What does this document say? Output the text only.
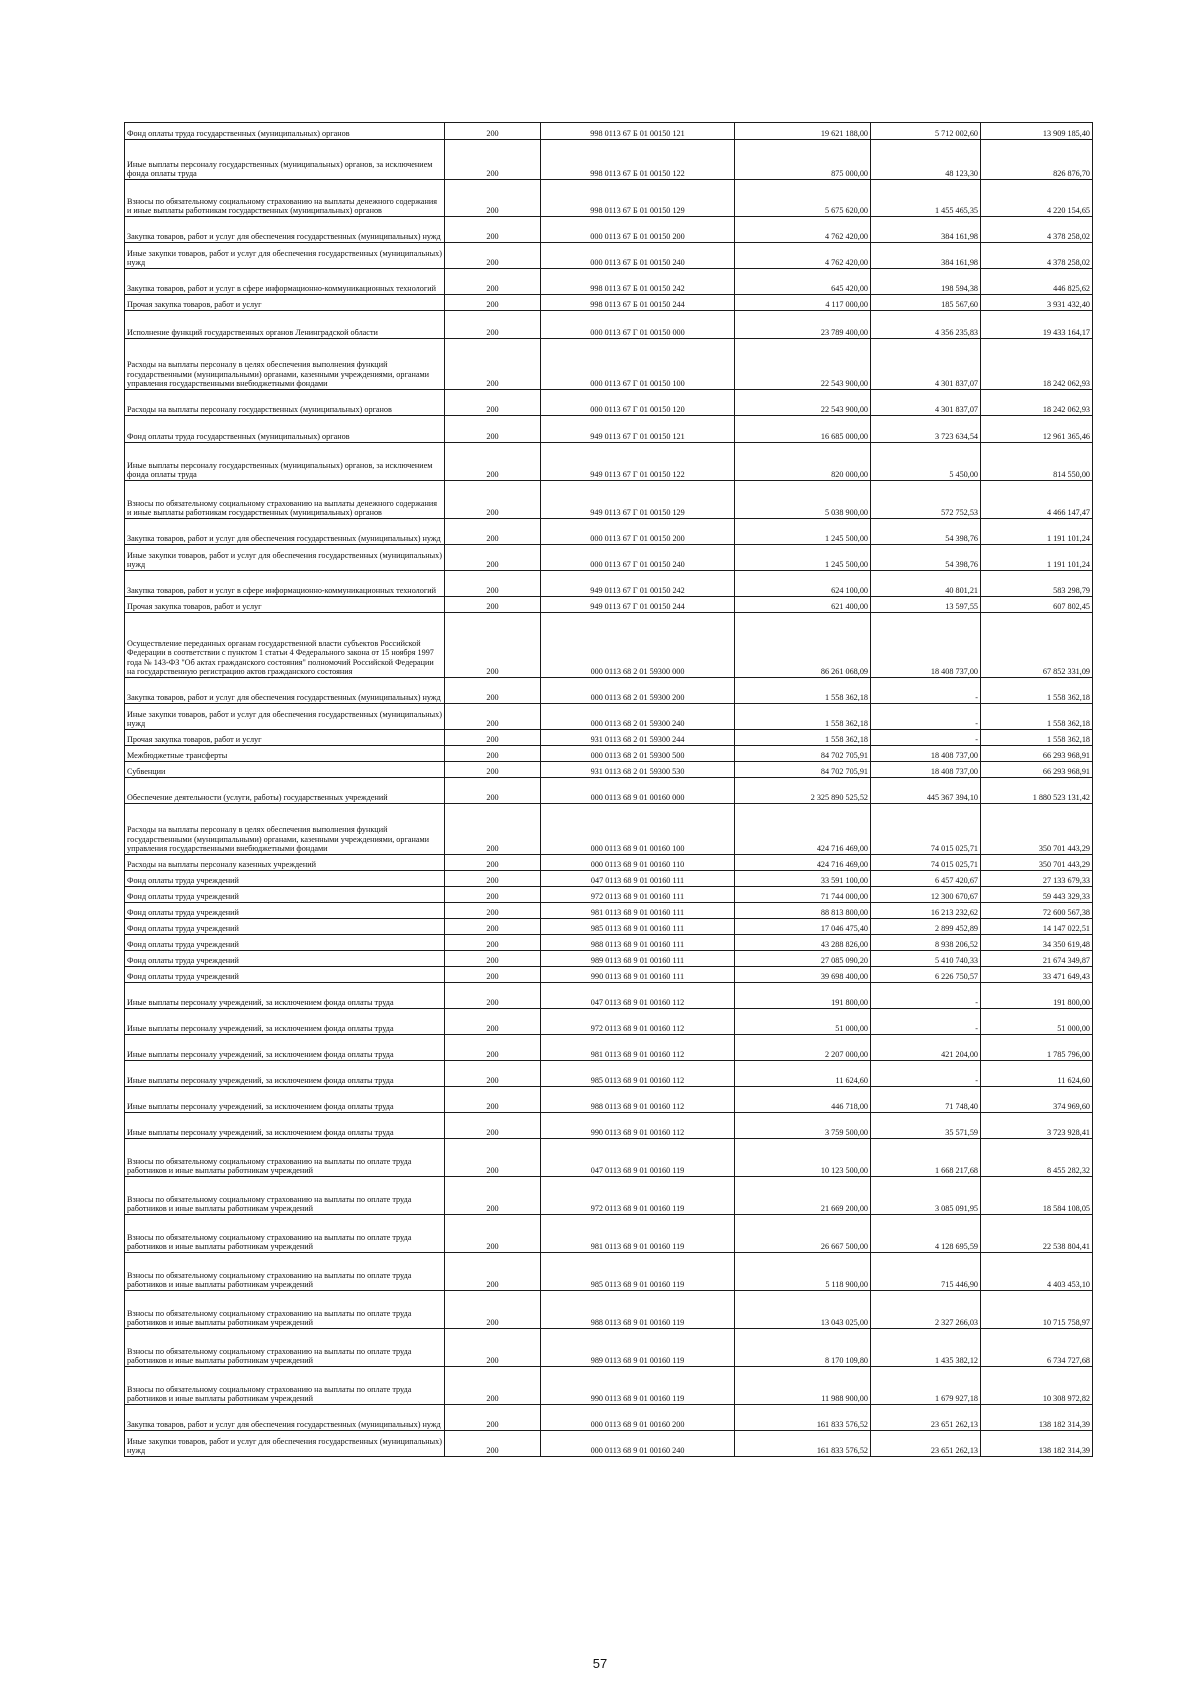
Фонд оплаты труда государственных (муниципальных) органов	200	998 0113 67 Б 01 00150 121	19 621 188,00	5 712 002,60	13 909 185,40
Иные выплаты персоналу государственных (муниципальных) органов, за исключением фонда оплаты труда	200	998 0113 67 Б 01 00150 122	875 000,00	48 123,30	826 876,70
Взносы по обязательному социальному страхованию на выплаты денежного содержания и иные выплаты работникам государственных (муниципальных) органов	200	998 0113 67 Б 01 00150 129	5 675 620,00	1 455 465,35	4 220 154,65
Закупка товаров, работ и услуг для обеспечения государственных (муниципальных) нужд	200	000 0113 67 Б 01 00150 200	4 762 420,00	384 161,98	4 378 258,02
Иные закупки товаров, работ и услуг для обеспечения государственных (муниципальных) нужд	200	000 0113 67 Б 01 00150 240	4 762 420,00	384 161,98	4 378 258,02
Закупка товаров, работ и услуг в сфере информационно-коммуникационных технологий	200	998 0113 67 Б 01 00150 242	645 420,00	198 594,38	446 825,62
Прочая закупка товаров, работ и услуг	200	998 0113 67 Б 01 00150 244	4 117 000,00	185 567,60	3 931 432,40
Исполнение функций государственных органов Ленинградской области	200	000 0113 67 Г 01 00150 000	23 789 400,00	4 356 235,83	19 433 164,17
Расходы на выплаты персоналу в целях обеспечения выполнения функций государственными (муниципальными) органами, казенными учреждениями, органами управления государственными внебюджетными фондами	200	000 0113 67 Г 01 00150 100	22 543 900,00	4 301 837,07	18 242 062,93
Расходы на выплаты персоналу государственных (муниципальных) органов	200	000 0113 67 Г 01 00150 120	22 543 900,00	4 301 837,07	18 242 062,93
Фонд оплаты труда государственных (муниципальных) органов	200	949 0113 67 Г 01 00150 121	16 685 000,00	3 723 634,54	12 961 365,46
Иные выплаты персоналу государственных (муниципальных) органов, за исключением фонда оплаты труда	200	949 0113 67 Г 01 00150 122	820 000,00	5 450,00	814 550,00
Взносы по обязательному социальному страхованию на выплаты денежного содержания и иные выплаты работникам государственных (муниципальных) органов	200	949 0113 67 Г 01 00150 129	5 038 900,00	572 752,53	4 466 147,47
Закупка товаров, работ и услуг для обеспечения государственных (муниципальных) нужд	200	000 0113 67 Г 01 00150 200	1 245 500,00	54 398,76	1 191 101,24
Иные закупки товаров, работ и услуг для обеспечения государственных (муниципальных) нужд	200	000 0113 67 Г 01 00150 240	1 245 500,00	54 398,76	1 191 101,24
Закупка товаров, работ и услуг в сфере информационно-коммуникационных технологий	200	949 0113 67 Г 01 00150 242	624 100,00	40 801,21	583 298,79
Прочая закупка товаров, работ и услуг	200	949 0113 67 Г 01 00150 244	621 400,00	13 597,55	607 802,45
Осуществление переданных органам государственной власти субъектов Российской Федерации в соответствии с пунктом 1 статьи 4 Федерального закона от 15 ноября 1997 года № 143-ФЗ "Об актах гражданского состояния" полномочий Российской Федерации на государственную регистрацию актов гражданского состояния	200	000 0113 68 2 01 59300 000	86 261 068,09	18 408 737,00	67 852 331,09
Закупка товаров, работ и услуг для обеспечения государственных (муниципальных) нужд	200	000 0113 68 2 01 59300 200	1 558 362,18	-	1 558 362,18
Иные закупки товаров, работ и услуг для обеспечения государственных (муниципальных) нужд	200	000 0113 68 2 01 59300 240	1 558 362,18	-	1 558 362,18
Прочая закупка товаров, работ и услуг	200	931 0113 68 2 01 59300 244	1 558 362,18	-	1 558 362,18
Межбюджетные трансферты	200	000 0113 68 2 01 59300 500	84 702 705,91	18 408 737,00	66 293 968,91
Субвенции	200	931 0113 68 2 01 59300 530	84 702 705,91	18 408 737,00	66 293 968,91
Обеспечение деятельности (услуги, работы) государственных учреждений	200	000 0113 68 9 01 00160 000	2 325 890 525,52	445 367 394,10	1 880 523 131,42
Расходы на выплаты персоналу в целях обеспечения выполнения функций государственными (муниципальными) органами, казенными учреждениями, органами управления государственными внебюджетными фондами	200	000 0113 68 9 01 00160 100	424 716 469,00	74 015 025,71	350 701 443,29
Расходы на выплаты персоналу казенных учреждений	200	000 0113 68 9 01 00160 110	424 716 469,00	74 015 025,71	350 701 443,29
Фонд оплаты труда учреждений	200	047 0113 68 9 01 00160 111	33 591 100,00	6 457 420,67	27 133 679,33
Фонд оплаты труда учреждений	200	972 0113 68 9 01 00160 111	71 744 000,00	12 300 670,67	59 443 329,33
Фонд оплаты труда учреждений	200	981 0113 68 9 01 00160 111	88 813 800,00	16 213 232,62	72 600 567,38
Фонд оплаты труда учреждений	200	985 0113 68 9 01 00160 111	17 046 475,40	2 899 452,89	14 147 022,51
Фонд оплаты труда учреждений	200	988 0113 68 9 01 00160 111	43 288 826,00	8 938 206,52	34 350 619,48
Фонд оплаты труда учреждений	200	989 0113 68 9 01 00160 111	27 085 090,20	5 410 740,33	21 674 349,87
Фонд оплаты труда учреждений	200	990 0113 68 9 01 00160 111	39 698 400,00	6 226 750,57	33 471 649,43
Иные выплаты персоналу учреждений, за исключением фонда оплаты труда	200	047 0113 68 9 01 00160 112	191 800,00	-	191 800,00
Иные выплаты персоналу учреждений, за исключением фонда оплаты труда	200	972 0113 68 9 01 00160 112	51 000,00	-	51 000,00
Иные выплаты персоналу учреждений, за исключением фонда оплаты труда	200	981 0113 68 9 01 00160 112	2 207 000,00	421 204,00	1 785 796,00
Иные выплаты персоналу учреждений, за исключением фонда оплаты труда	200	985 0113 68 9 01 00160 112	11 624,60	-	11 624,60
Иные выплаты персоналу учреждений, за исключением фонда оплаты труда	200	988 0113 68 9 01 00160 112	446 718,00	71 748,40	374 969,60
Иные выплаты персоналу учреждений, за исключением фонда оплаты труда	200	990 0113 68 9 01 00160 112	3 759 500,00	35 571,59	3 723 928,41
Взносы по обязательному социальному страхованию на выплаты по оплате труда работников и иные выплаты работникам учреждений	200	047 0113 68 9 01 00160 119	10 123 500,00	1 668 217,68	8 455 282,32
Взносы по обязательному социальному страхованию на выплаты по оплате труда работников и иные выплаты работникам учреждений	200	972 0113 68 9 01 00160 119	21 669 200,00	3 085 091,95	18 584 108,05
Взносы по обязательному социальному страхованию на выплаты по оплате труда работников и иные выплаты работникам учреждений	200	981 0113 68 9 01 00160 119	26 667 500,00	4 128 695,59	22 538 804,41
Взносы по обязательному социальному страхованию на выплаты по оплате труда работников и иные выплаты работникам учреждений	200	985 0113 68 9 01 00160 119	5 118 900,00	715 446,90	4 403 453,10
Взносы по обязательному социальному страхованию на выплаты по оплате труда работников и иные выплаты работникам учреждений	200	988 0113 68 9 01 00160 119	13 043 025,00	2 327 266,03	10 715 758,97
Взносы по обязательному социальному страхованию на выплаты по оплате труда работников и иные выплаты работникам учреждений	200	989 0113 68 9 01 00160 119	8 170 109,80	1 435 382,12	6 734 727,68
Взносы по обязательному социальному страхованию на выплаты по оплате труда работников и иные выплаты работникам учреждений	200	990 0113 68 9 01 00160 119	11 988 900,00	1 679 927,18	10 308 972,82
Закупка товаров, работ и услуг для обеспечения государственных (муниципальных) нужд	200	000 0113 68 9 01 00160 200	161 833 576,52	23 651 262,13	138 182 314,39
Иные закупки товаров, работ и услуг для обеспечения государственных (муниципальных) нужд	200	000 0113 68 9 01 00160 240	161 833 576,52	23 651 262,13	138 182 314,39
57
